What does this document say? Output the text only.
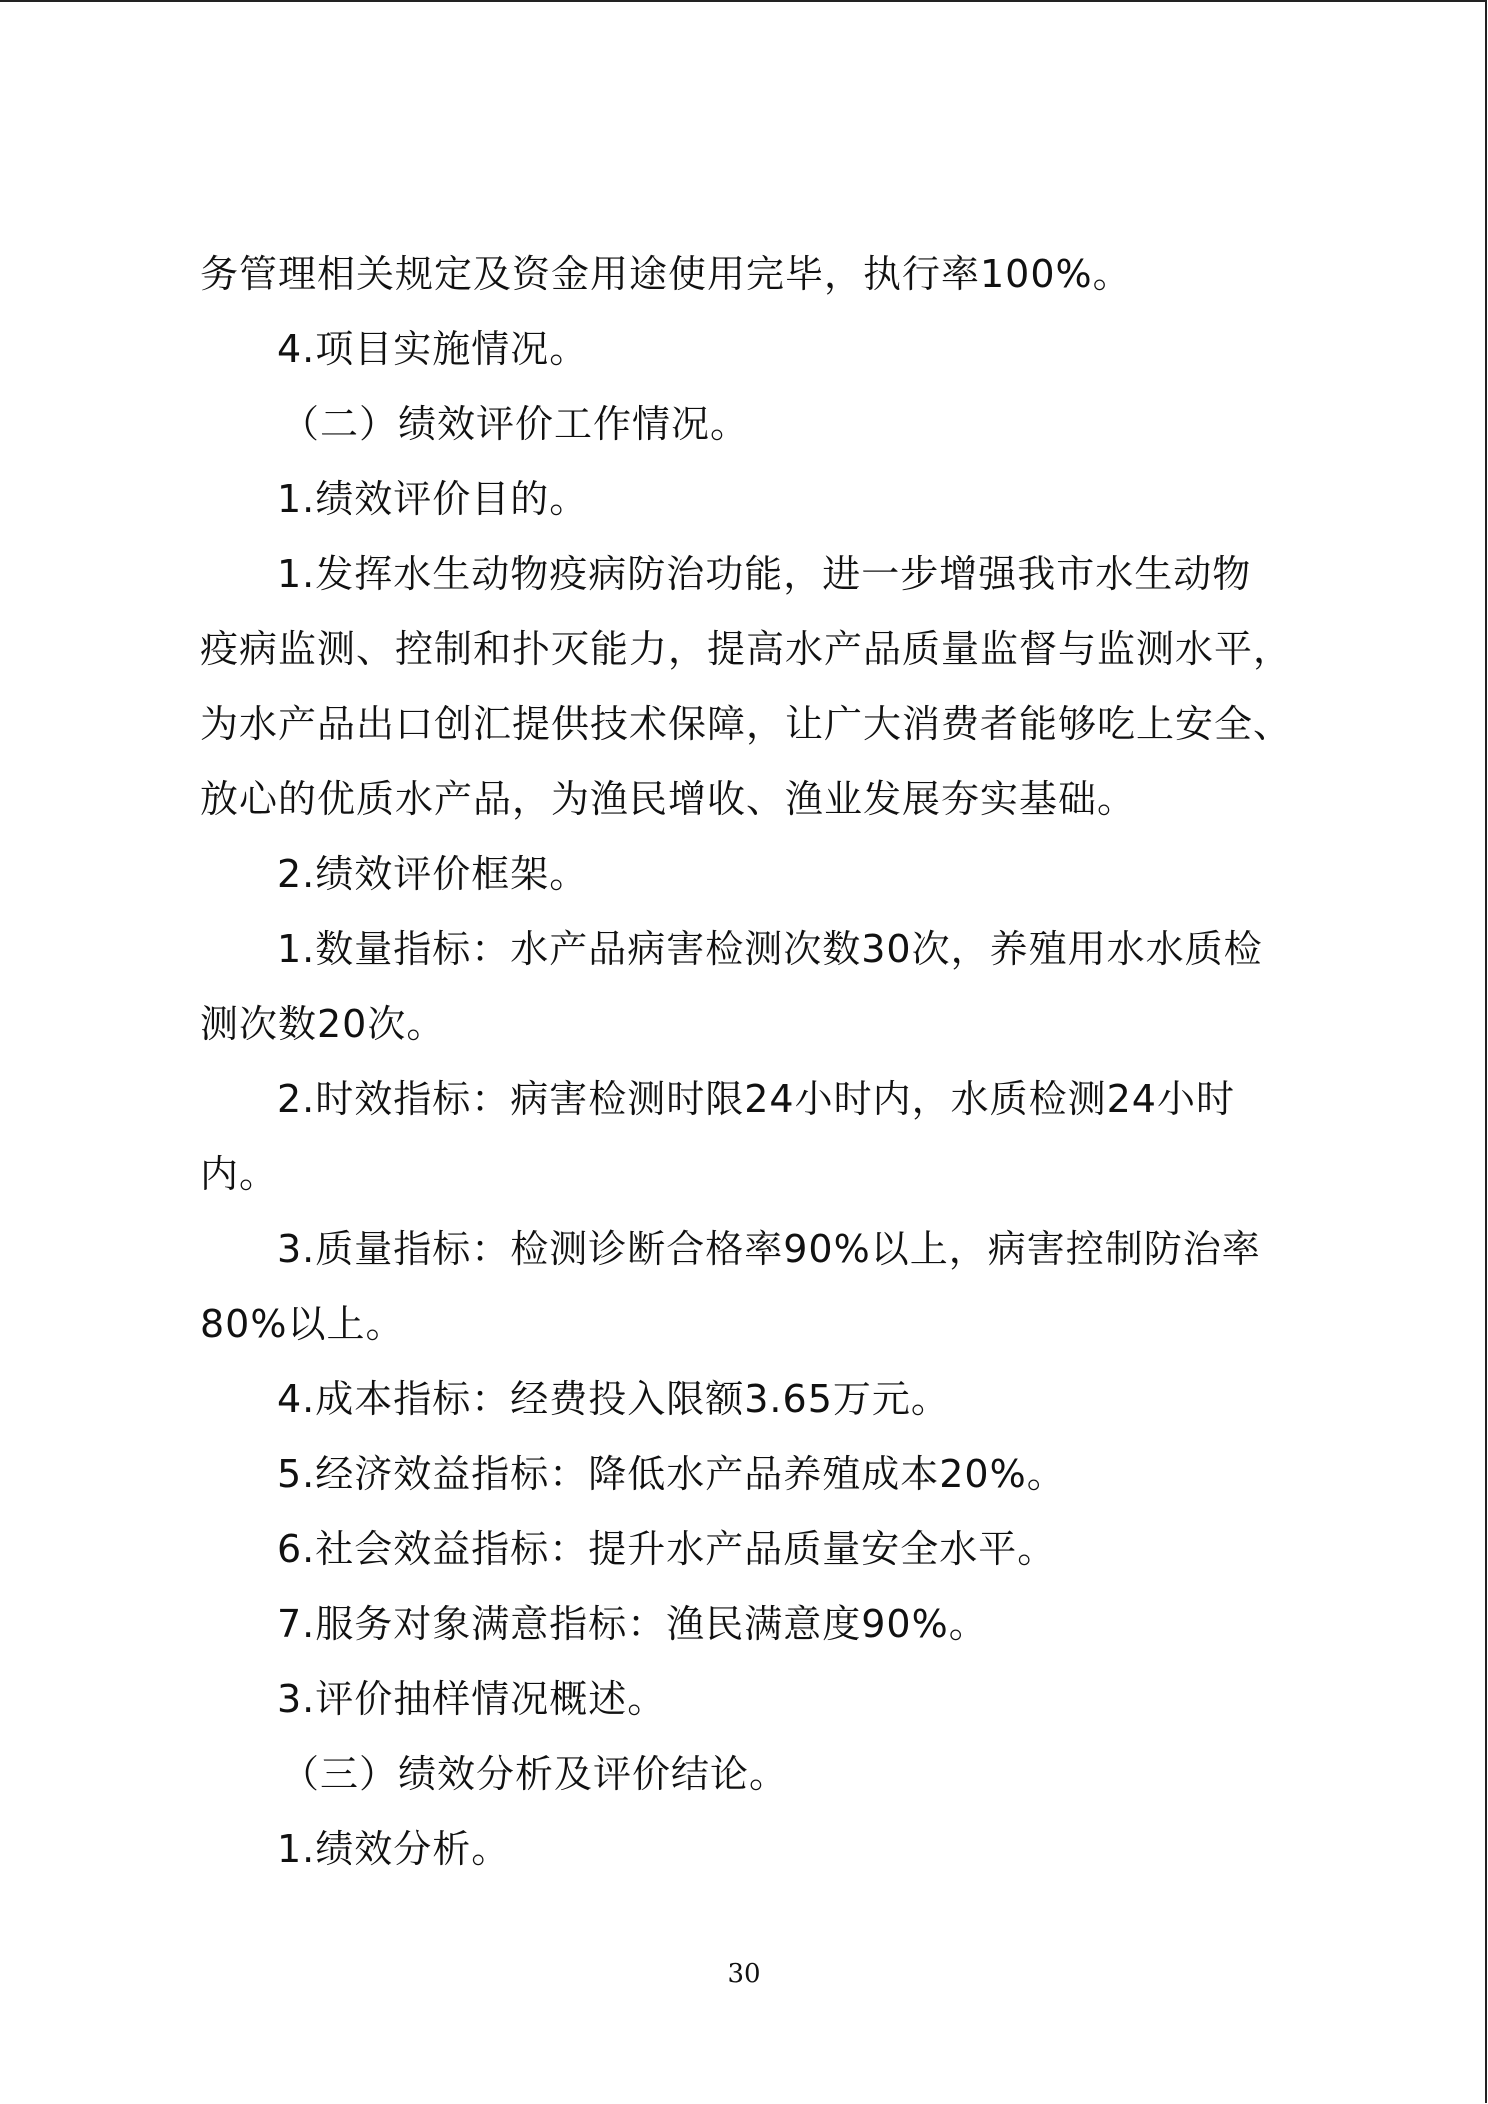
务管理相关规定及资金用途使用完毕，执行率100%。
4.项目实施情况。
（二）绩效评价工作情况。
1.绩效评价目的。
1.发挥水生动物疫病防治功能，进一步增强我市水生动物
疫病监测、控制和扑灭能力，提高水产品质量监督与监测水平，
为水产品出口创汇提供技术保障，让广大消费者能够吃上安全、
放心的优质水产品，为渔民增收、渔业发展夯实基础。
2.绩效评价框架。
1.数量指标：水产品病害检测次数30次，养殖用水水质检
测次数20次。
2.时效指标：病害检测时限24小时内，水质检测24小时
内。
3.质量指标：检测诊断合格率90%以上，病害控制防治率
80%以上。
4.成本指标：经费投入限额3.65万元。
5.经济效益指标：降低水产品养殖成本20%。
6.社会效益指标：提升水产品质量安全水平。
7.服务对象满意指标：渔民满意度90%。
3.评价抽样情况概述。
（三）绩效分析及评价结论。
1.绩效分析。
30
